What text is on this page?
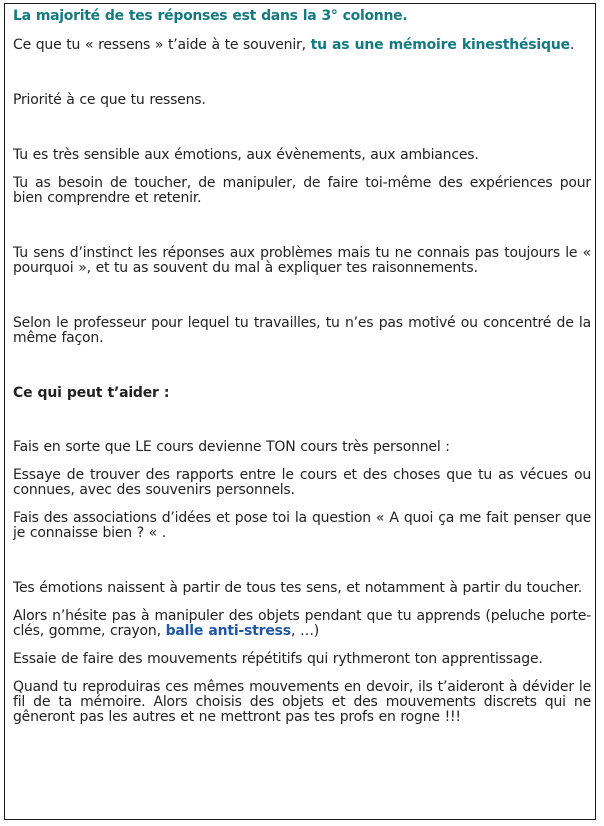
La majorité de tes réponses est dans la 3° colonne.

Ce que tu « ressens » t’aide à te souvenir, tu as une mémoire kinesthésique.

Priorité à ce que tu ressens.

Tu es très sensible aux émotions, aux évènements, aux ambiances.

Tu as besoin de toucher, de manipuler, de faire toi-même des expériences pour bien comprendre et retenir.

Tu sens d’instinct les réponses aux problèmes mais tu ne connais pas toujours le « pourquoi », et tu as souvent du mal à expliquer tes raisonnements.

Selon le professeur pour lequel tu travailles, tu n’es pas motivé ou concentré de la même façon.

Ce qui peut t’aider :

Fais en sorte que LE cours devienne TON cours très personnel :

Essaye de trouver des rapports entre le cours et des choses que tu as vécues ou connues, avec des souvenirs personnels.

Fais des associations d’idées et pose toi la question « A quoi ça me fait penser que je connaisse bien ? « .

Tes émotions naissent à partir de tous tes sens, et notamment à partir du toucher.

Alors n’hésite pas à manipuler des objets pendant que tu apprends (peluche porte-clés, gomme, crayon, balle anti-stress, …)

Essaie de faire des mouvements répétitifs qui rythmeront ton apprentissage.

Quand tu reproduiras ces mêmes mouvements en devoir, ils t’aideront à dévider le fil de ta mémoire. Alors choisis des objets et des mouvements discrets qui ne gêneront pas les autres et ne mettront pas tes profs en rogne !!!
